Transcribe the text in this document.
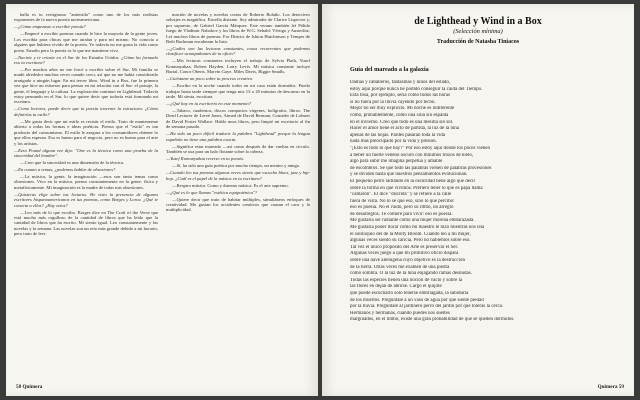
halla es tu vertiginoso "antiestilo" como uno de los más realistas exponentes de la nueva poesía norteamericana.

—¿Cómo empezaste a escribir poesía?

—Empecé a escribir poemas cuando le hice la mayoría de la gente joven. Los escribía para chicas que me atraían y para mí mismo. No conocía a alguien que hubiera vivido de la poesía. Yo todavía no me gusta la vida como poeta. Enseño pero la poesía es lo que me mantiene vivo.

—Naciste y te criaste en el Sur de los Estados Unidos. ¿Cómo ha formado eso tu escritura?

—Por muchos años no me forcé a escribir sobre el Sur. Mi familia se mudó alrededor muchas veces cuando creci, así que no me había considerado arraigado a ningún lugar. En mi tercer libro, Wind in a Box, fue la primera vez que hice un esfuerzo para pensar en mi relación con el Sur: el paisaje, la gente, el lenguaje y la cultura. La exploración continuó en Lighthead. Todavía estoy pensando en el Sur, lo que quiere decir que todavía está formando mi escritura.

—Como lectores, puede decir que tu poesía inocente la estructura. ¿Cómo definirías tu estilo?

—Me gusta decir que mi estilo es resistir el estilo. Trato de mantenerme abierto a todas las formas e ideas poéticas. Pienso que el "estilo" es tan producto del consumismo. El estilo le asegura a los consumidores obtener lo que ellos esperan. Eso es bueno para el negocio, pero no es bueno para el arte y los artistas.

—Ezra Pound alguna vez dijo: "One es la técnica como una prueba de la sinceridad del hombre".

—Creo que la sinceridad es una dimensión de la técnica.

—En cuanto a temas, ¿podemos hablar de obsesiones?

—La música, la gente, la imaginación —esos son tanto temas como obsesiones. Vivo en la música, pienso constantemente en la gente: física y metafísicamente. Mi imaginación es la madre de todas mis obsesiones.

—Quisieras elige sobre tus lecturas. He visto la presencia de algunos escritores hispanoamericanos en tus poemas, como Borges y Lorca. ¿Qué te conecta a ellos? ¿Hay otros?

—Leo más de lo que escribo. Borges dice en The Craft of the Verse que está mucho más orgulloso de la cantidad de libros que ha leído que la cantidad de libros que ha escrito. Mi siento igual. Leo constantemente y las novelas y la semana. Las novelas son un reto más grande debido a mi horario, pero trato de leer.

mación de novelas y novelas cortas de Roberto Bolaño. Los detectives salvajes es magnífica. Estrella distante. Soy admirador de Clarice Lispector y, por supuesto, de Gabriel García Márquez. Este verano también leí Pálido fuego de Vladimir Nabokov y los libros de W.G. Sebald: Vértigo y Austerlitz. Leí muchos libros de poemas. For District de Ishion Hutchinson y Temper de Beth Bachman encabezan la lista.

—¿Cuáles son las lecturas constantes, cosas recurrentes que podemos clasificar acompañantes de tu oficio?

—Mis lecturas constantes incluyen el trabajo de Sylvia Plath, Yusef Komunyakaa, Robert Hayden, Larry Levis. Mi música constante incluye Burial, Conor Oberst, Marvin Gaye, Miles Davis, Biggie Smalls.

—Cuéntame un poco sobre tu proceso creativo.

—Escribo en la noche cuando todos en mi casa están dormidos. Puedo trabajar hasta tarde siempre que tenga mis 13 o 20 minutos de descanso en la tarde. Mi siesta, escritura.

—¿Qué hay en tu escritorio en este momento?

—Tabaco, cuadernos, discos compactos vírgenes, bolígrafos, libros: The Dead Lecturer de Lereé Jones, Aimed de David Berman, Consider de Lobster de David Foster Wallace. Hablo unos libros, pero limpié mi escritorio al fin de semana pasado.

—Ha sido un poco difícil traducir la palabra "Lighthead" porque la lengua española no tiene una palabra exacta.

—Significa estar mareado —así como después de dar vueltas en círculo. También se usa para un halo flotante sobre la cabeza.

—Yusef Komunyakaa reverse en tu poesía.

—Sí, ha sido una guía poética por mucho tiempo, un mentor y amigo.

—Cuando leo tus poemas algunas veces siento que escucho blues, jazz y hip-hop. ¿Cuál es el papel de la música en tu escritura?

—Respiro música. Como y duermo música. Es el arte supremo.

—¿Qué es lo que llamas "estética equipoténica"?

—Quiere decir que trato de habitar múltiples, simultáneos enfoques de creatividad. Me gustan los accidentes creativos que causan el caos y la multiplicidad.

58 Quimera
de Lighthead y Wind in a Box
(Selección mínima)
Traducción de Natasha Tiniacos
Guía del mareado a la galaxia
Damas y caballeros, fantasmas y niños del estado,
estoy aquí porque nunca he podido conseguir la caída del Tiempo.
Esta fosa, por ejemplo, sería como todos las horas
si no fuera por la lluvia cayendo por techo.
Mejor no ser muy explícito. Mi noche es indiferente
como, probablemente, como una silla sin espalda
en el invierno. Creo que todo es una mesilla sin sol.
Hacer el amor tiene el acto de partida, la luz de la luna
apenas de las hojas. Pardes pasarán toda la vida
nada más preocupado por la vida y presión.
"¡Esto es todo lo que hay?" Por eso estoy aquí donde los poces vienen
a beber un fuerte veneno oscuro con mínimos trozos de hielo,
algo para subir me imagina perpetua y amable
de escombros. Sé que todo las palabras vienen de palabras procesiones
y se dividen hasta que nuestros pensamientos evolucionan.
El pequeño perro ladrando en la oscuridad tiene algo que decir
sobre la forma en que vivimos. Prefiero tener lo que es papá llama
"camarón". El dice "discreta" y se refiere a la calle
fuera de vista. No lo sé que eso, sino lo que percibo:
eso es poesía. No el ruido, pero su ritmo, un arreglo
de desarreglos. Te comeré para vivir: eso es poesía.
Me gustaría ser radiante como una mujer morena embarazada.
Me gustaría poder llorar como mi maestro le hizo mientras nos leía
el soliloquio del de la Molly Bloom. Cuando leo a mí mujer,
algunas veces siento su caricia. Pero no hablemos sobre eso.
Tal vez el único propósito del Arte es preservar el Ser.
Algunas veces juego a que mi primitivo oficio dispara
sobre una nave alienígena cuyo objetivo es la destrucción
de la tierra. Otras veces me examen de una piedra
como sombra. O la luz de la luna enjagando ramas desnudas.
Todas las especies tienen una noción de vacío y sobre la
las flores en dejan de abrirse. Cargo el quijote
que puede escucharlo sólo tenerse embriagada, la sabiduría
de los muertos. Pregúntale a un vaso de agua por qué siente piedad
por la lluvia. Pregúntale al jardinero perro del jardín por qué toleras la cerca.
Hermanos y hermanas, cuando puedes nos sueltes
marginados, en el limbo, existe una gran probabilidad de que se queden dormidos.
Quimera 59
